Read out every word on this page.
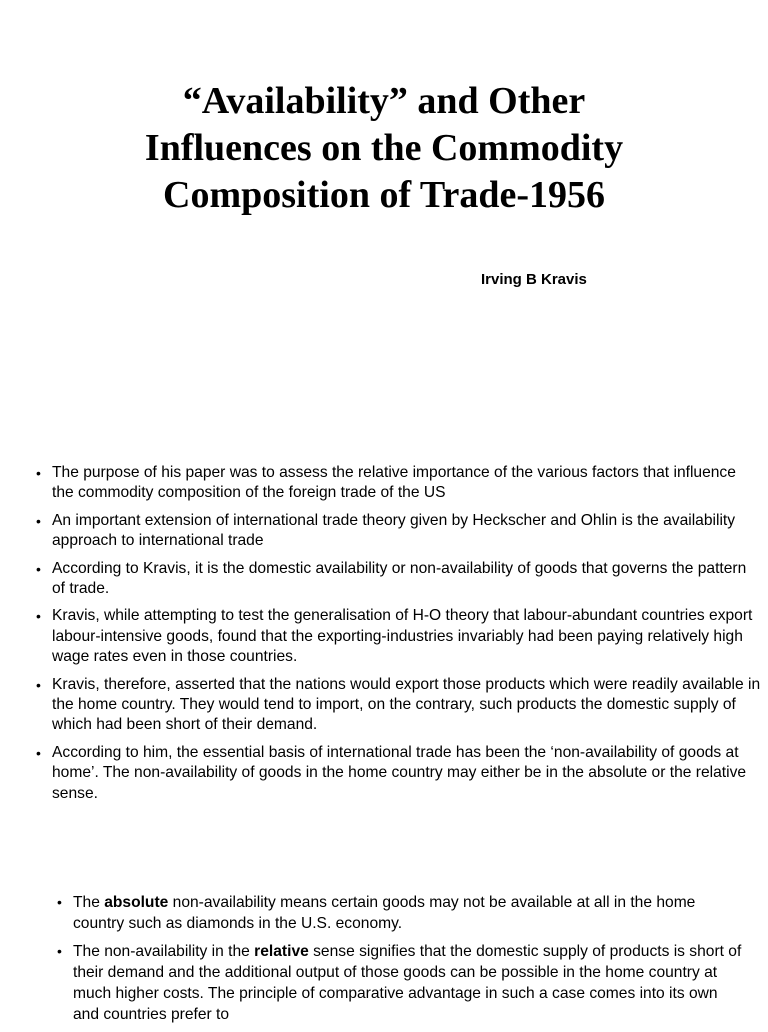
“Availability” and Other
Influences on the Commodity
Composition of Trade-1956
Irving B Kravis
• The purpose of his paper was to assess the relative importance of the various factors that influence the commodity composition of the foreign trade of the US
• An important extension of international trade theory given by Heckscher and Ohlin is the availability approach to international trade
• According to Kravis, it is the domestic availability or non-availability of goods that governs the pattern of trade.
• Kravis, while attempting to test the generalisation of H-O theory that labour-abundant countries export labour-intensive goods, found that the exporting-industries invariably had been paying relatively high wage rates even in those countries.
• Kravis, therefore, asserted that the nations would export those products which were readily available in the home country. They would tend to import, on the contrary, such products the domestic supply of which had been short of their demand.
• According to him, the essential basis of international trade has been the ‘non-availability of goods at home’. The non-availability of goods in the home country may either be in the absolute or the relative sense.
• The absolute non-availability means certain goods may not be available at all in the home country such as diamonds in the U.S. economy.
• The non-availability in the relative sense signifies that the domestic supply of products is short of their demand and the additional output of those goods can be possible in the home country at much higher costs. The principle of comparative advantage in such a case comes into its own and countries prefer to
